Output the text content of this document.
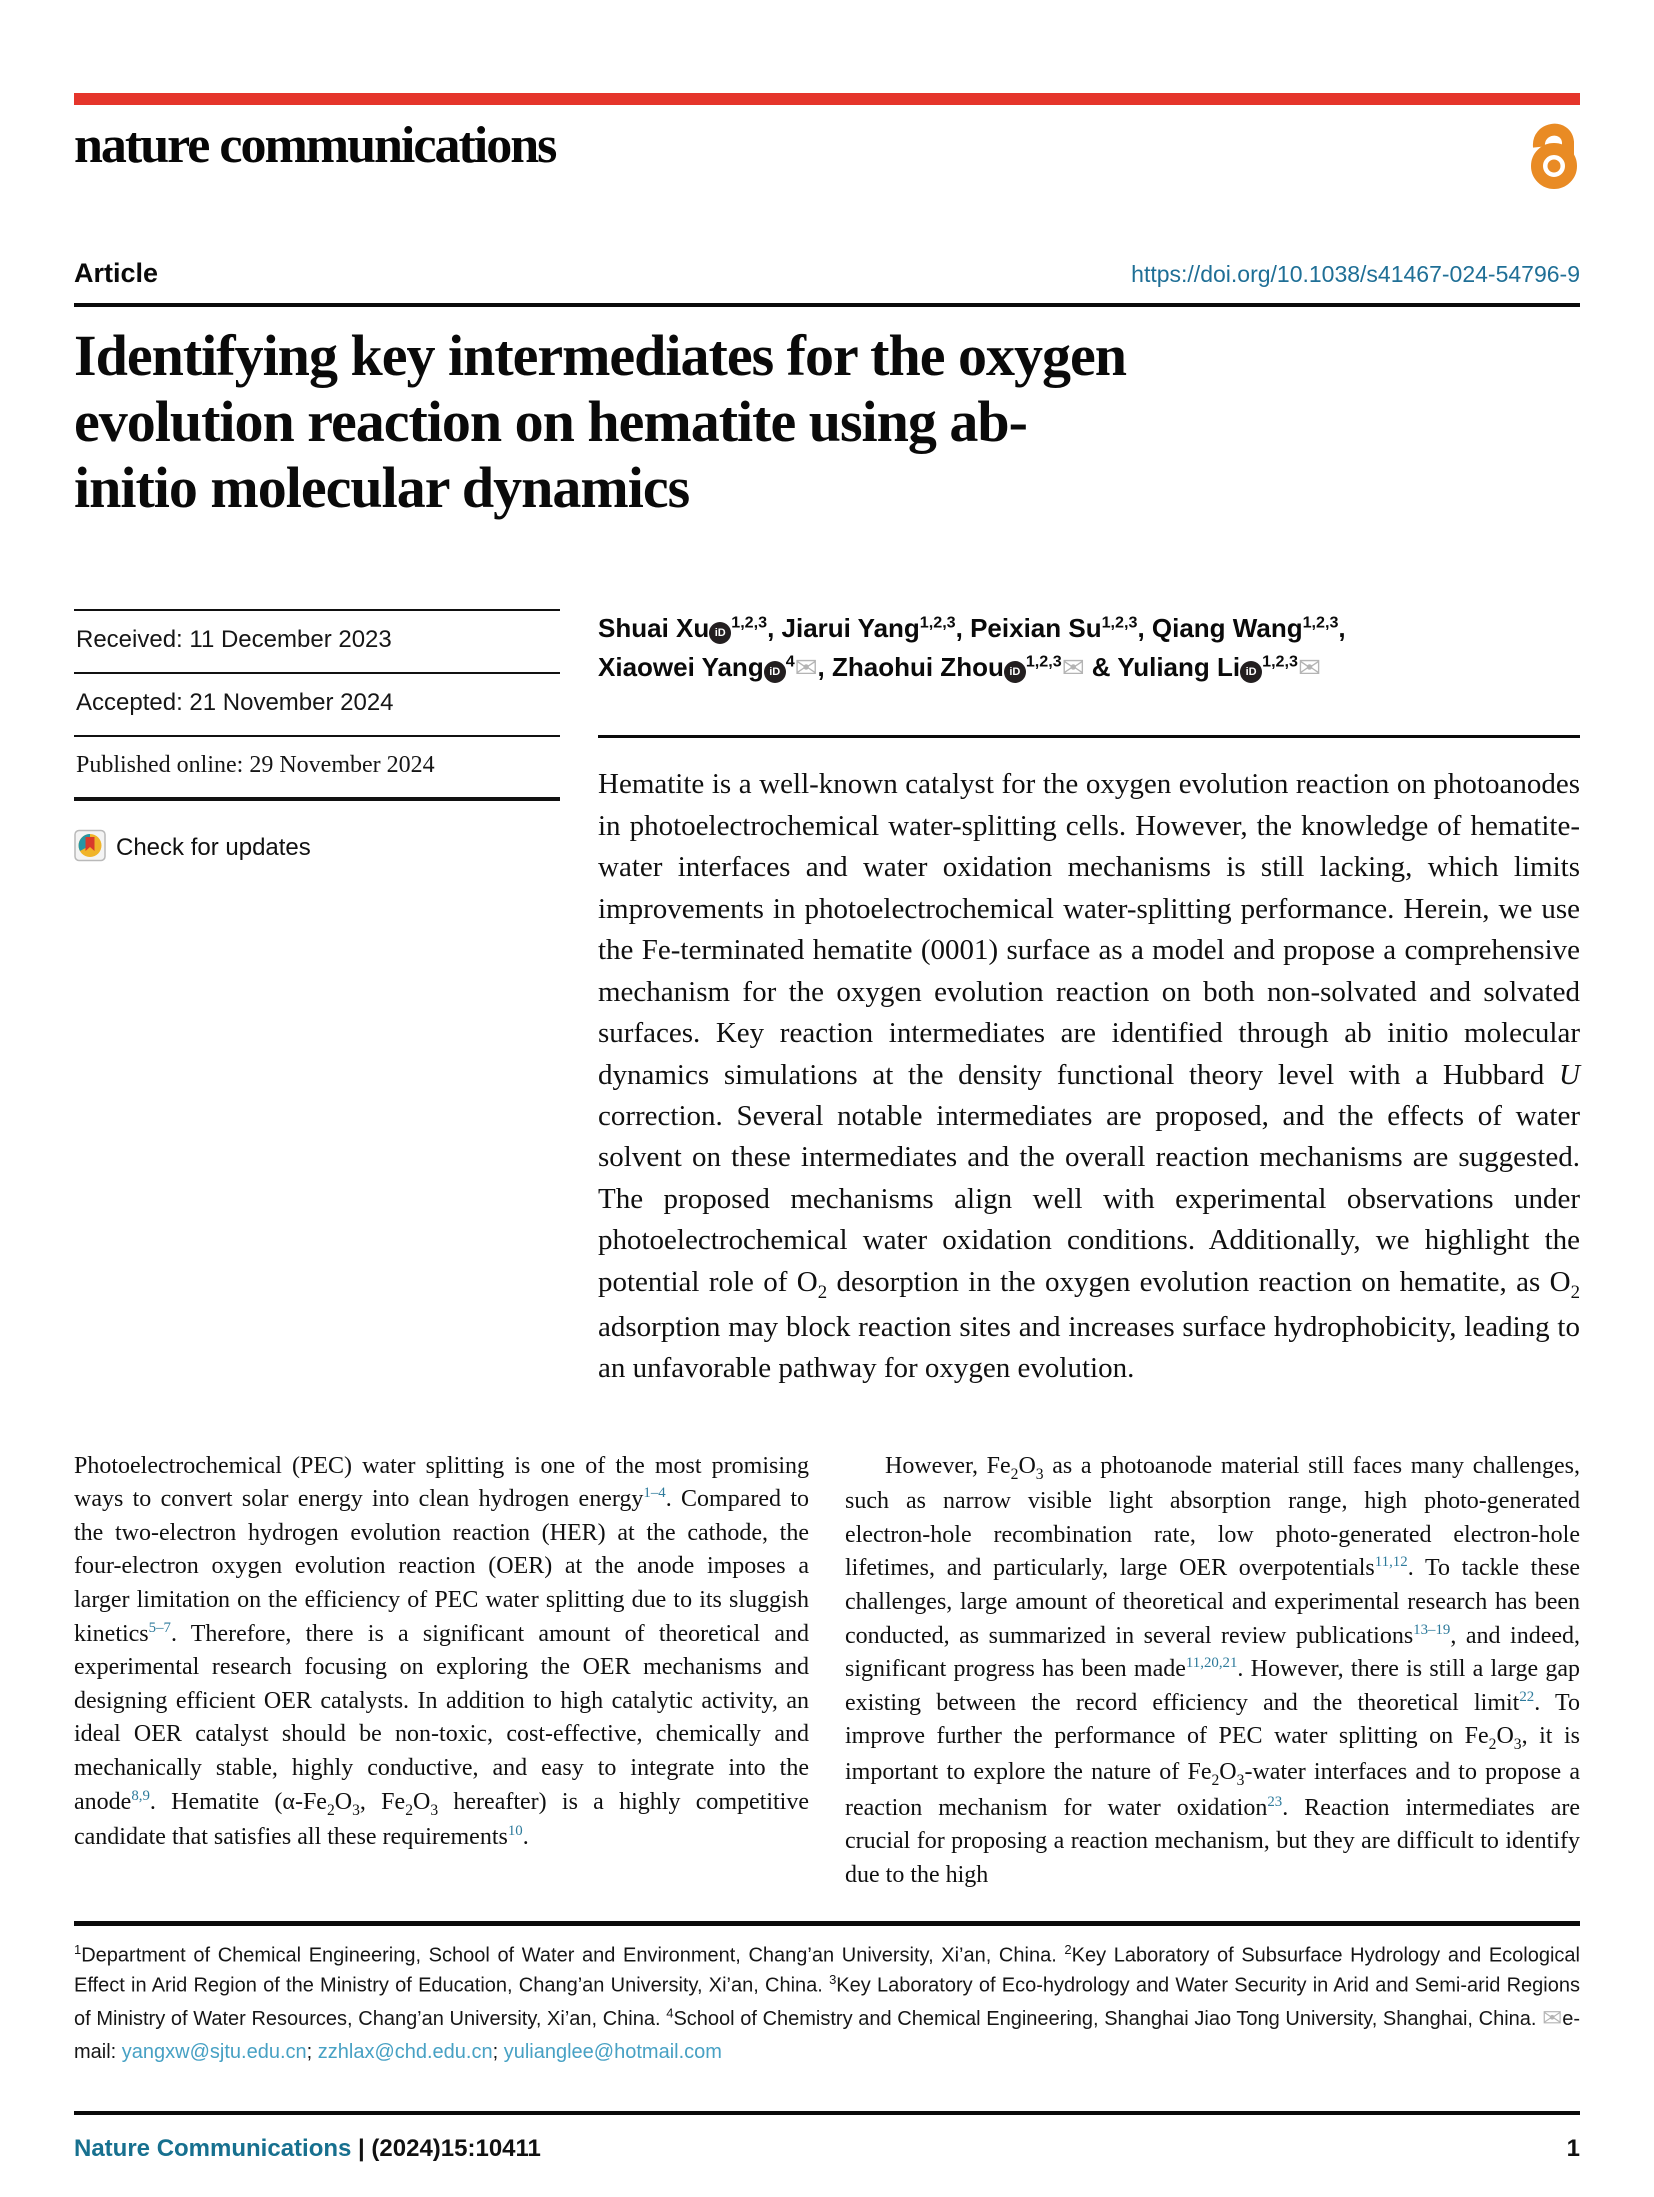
nature communications
Article	https://doi.org/10.1038/s41467-024-54796-9
Identifying key intermediates for the oxygen
evolution reaction on hematite using ab-
initio molecular dynamics
Received: 11 December 2023
Accepted: 21 November 2024
Published online: 29 November 2024
Check for updates
Shuai Xu iD$^{1,2,3}$, Jiarui Yang$^{1,2,3}$, Peixian Su$^{1,2,3}$, Qiang Wang$^{1,2,3}$,
Xiaowei Yang iD$^4$✉, Zhaohui Zhou iD$^{1,2,3}$✉ & Yuliang Li iD$^{1,2,3}$✉

Hematite is a well-known catalyst for the oxygen evolution reaction on photoanodes in photoelectrochemical water-splitting cells. However, the knowledge of hematite-water interfaces and water oxidation mechanisms is still lacking, which limits improvements in photoelectrochemical water-splitting performance. Herein, we use the Fe-terminated hematite (0001) surface as a model and propose a comprehensive mechanism for the oxygen evolution reaction on both non-solvated and solvated surfaces. Key reaction intermediates are identified through ab initio molecular dynamics simulations at the density functional theory level with a Hubbard U correction. Several notable intermediates are proposed, and the effects of water solvent on these intermediates and the overall reaction mechanisms are suggested. The proposed mechanisms align well with experimental observations under photoelectrochemical water oxidation conditions. Additionally, we highlight the potential role of $O_2$ desorption in the oxygen evolution reaction on hematite, as $O_2$ adsorption may block reaction sites and increases surface hydrophobicity, leading to an unfavorable pathway for oxygen evolution.

Photoelectrochemical (PEC) water splitting is one of the most promising ways to convert solar energy into clean hydrogen energy$^{1-4}$. Compared to the two-electron hydrogen evolution reaction (HER) at the cathode, the four-electron oxygen evolution reaction (OER) at the anode imposes a larger limitation on the efficiency of PEC water splitting due to its sluggish kinetics$^{5-7}$. Therefore, there is a significant amount of theoretical and experimental research focusing on exploring the OER mechanisms and designing efficient OER catalysts. In addition to high catalytic activity, an ideal OER catalyst should be non-toxic, cost-effective, chemically and mechanically stable, highly conductive, and easy to integrate into the anode$^{8,9}$. Hematite ($\alpha-Fe_2O_3$, $Fe_2O_3$ hereafter) is a highly competitive candidate that satisfies all these requirements$^{10}$.

However, $Fe_2O_3$ as a photoanode material still faces many challenges, such as narrow visible light absorption range, high photo-generated electron-hole recombination rate, low photo-generated electron-hole lifetimes, and particularly, large OER overpotentials$^{11,12}$. To tackle these challenges, large amount of theoretical and experimental research has been conducted, as summarized in several review publications$^{13-19}$, and indeed, significant progress has been made$^{11,20,21}$. However, there is still a large gap existing between the record efficiency and the theoretical limit$^{22}$. To improve further the performance of PEC water splitting on $Fe_2O_3$, it is important to explore the nature of $Fe_2O_3$-water interfaces and to propose a reaction mechanism for water oxidation$^{23}$. Reaction intermediates are crucial for proposing a reaction mechanism, but they are difficult to identify due to the high

$^1$Department of Chemical Engineering, School of Water and Environment, Chang’an University, Xi’an, China. $^2$Key Laboratory of Subsurface Hydrology and Ecological Effect in Arid Region of the Ministry of Education, Chang’an University, Xi’an, China. $^3$Key Laboratory of Eco-hydrology and Water Security in Arid and Semi-arid Regions of Ministry of Water Resources, Chang’an University, Xi’an, China. $^4$School of Chemistry and Chemical Engineering, Shanghai Jiao Tong University, Shanghai, China. ✉e-mail: yangxw@sjtu.edu.cn; zzhlax@chd.edu.cn; yulianglee@hotmail.com

Nature Communications | (2024)15:10411	1
